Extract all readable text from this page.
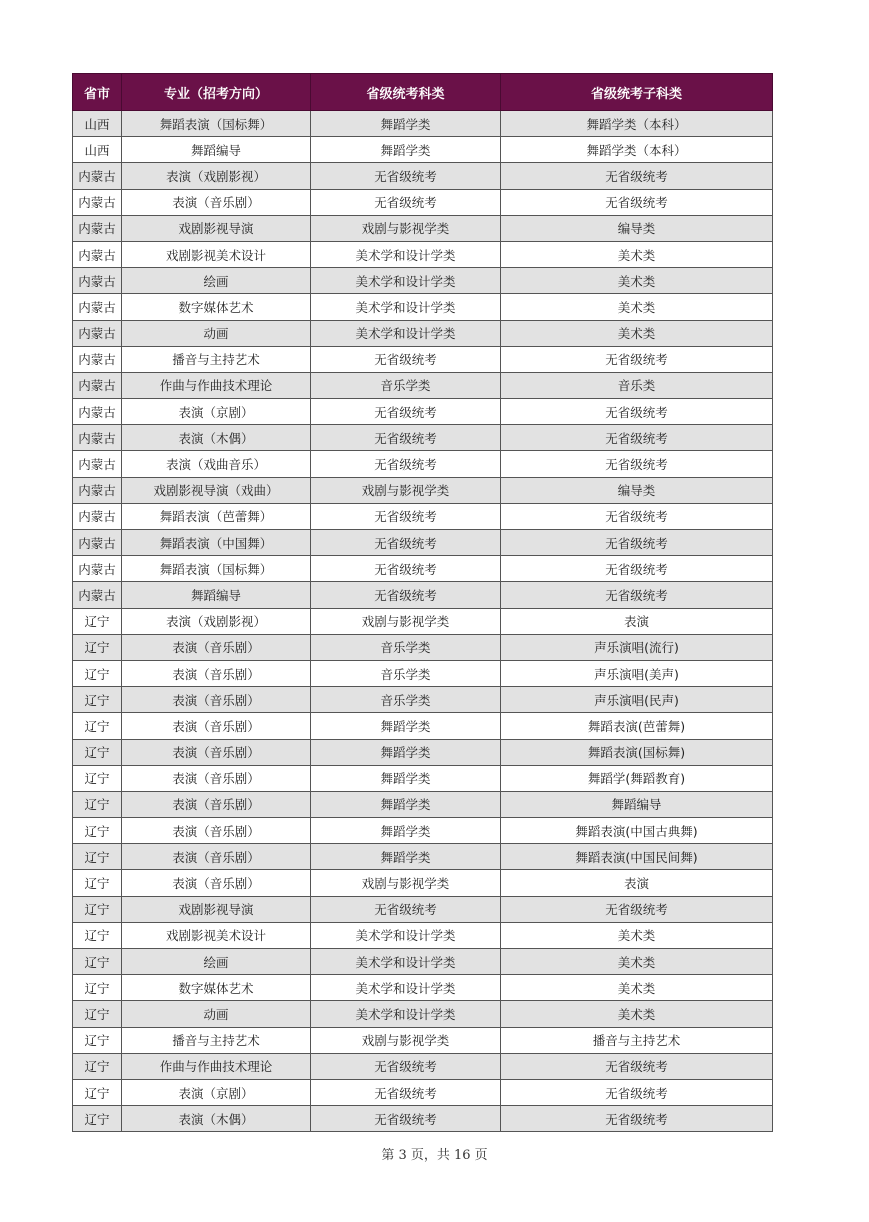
省市	专业（招考方向）	省级统考科类	省级统考子科类
山西	舞蹈表演（国标舞）	舞蹈学类	舞蹈学类（本科）
山西	舞蹈编导	舞蹈学类	舞蹈学类（本科）
内蒙古	表演（戏剧影视）	无省级统考	无省级统考
内蒙古	表演（音乐剧）	无省级统考	无省级统考
内蒙古	戏剧影视导演	戏剧与影视学类	编导类
内蒙古	戏剧影视美术设计	美术学和设计学类	美术类
内蒙古	绘画	美术学和设计学类	美术类
内蒙古	数字媒体艺术	美术学和设计学类	美术类
内蒙古	动画	美术学和设计学类	美术类
内蒙古	播音与主持艺术	无省级统考	无省级统考
内蒙古	作曲与作曲技术理论	音乐学类	音乐类
内蒙古	表演（京剧）	无省级统考	无省级统考
内蒙古	表演（木偶）	无省级统考	无省级统考
内蒙古	表演（戏曲音乐）	无省级统考	无省级统考
内蒙古	戏剧影视导演（戏曲）	戏剧与影视学类	编导类
内蒙古	舞蹈表演（芭蕾舞）	无省级统考	无省级统考
内蒙古	舞蹈表演（中国舞）	无省级统考	无省级统考
内蒙古	舞蹈表演（国标舞）	无省级统考	无省级统考
内蒙古	舞蹈编导	无省级统考	无省级统考
辽宁	表演（戏剧影视）	戏剧与影视学类	表演
辽宁	表演（音乐剧）	音乐学类	声乐演唱(流行)
辽宁	表演（音乐剧）	音乐学类	声乐演唱(美声)
辽宁	表演（音乐剧）	音乐学类	声乐演唱(民声)
辽宁	表演（音乐剧）	舞蹈学类	舞蹈表演(芭蕾舞)
辽宁	表演（音乐剧）	舞蹈学类	舞蹈表演(国标舞)
辽宁	表演（音乐剧）	舞蹈学类	舞蹈学(舞蹈教育)
辽宁	表演（音乐剧）	舞蹈学类	舞蹈编导
辽宁	表演（音乐剧）	舞蹈学类	舞蹈表演(中国古典舞)
辽宁	表演（音乐剧）	舞蹈学类	舞蹈表演(中国民间舞)
辽宁	表演（音乐剧）	戏剧与影视学类	表演
辽宁	戏剧影视导演	无省级统考	无省级统考
辽宁	戏剧影视美术设计	美术学和设计学类	美术类
辽宁	绘画	美术学和设计学类	美术类
辽宁	数字媒体艺术	美术学和设计学类	美术类
辽宁	动画	美术学和设计学类	美术类
辽宁	播音与主持艺术	戏剧与影视学类	播音与主持艺术
辽宁	作曲与作曲技术理论	无省级统考	无省级统考
辽宁	表演（京剧）	无省级统考	无省级统考
辽宁	表演（木偶）	无省级统考	无省级统考
第 3 页，共 16 页
